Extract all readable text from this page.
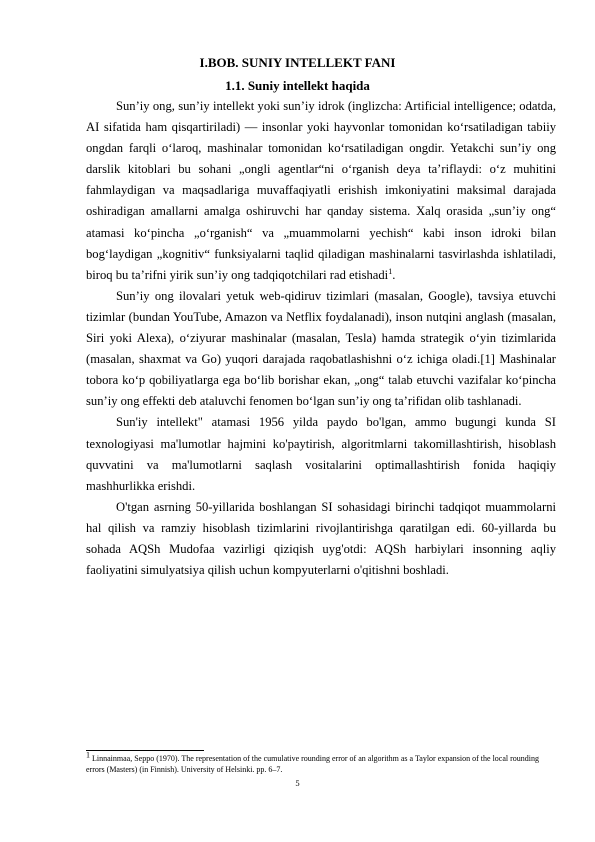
I.BOB. SUNIY INTELLEKT FANI
1.1. Suniy intellekt haqida

Sun’iy ong, sun’iy intellekt yoki sun’iy idrok (inglizcha: Artificial intelligence; odatda, AI sifatida ham qisqartiriladi) — insonlar yoki hayvonlar tomonidan ko‘rsatiladigan tabiiy ongdan farqli o‘laroq, mashinalar tomonidan ko‘rsatiladigan ongdir. Yetakchi sun’iy ong darslik kitoblari bu sohani „ongli agentlar“ni o‘rganish deya ta’riflaydi: o‘z muhitini fahmlaydigan va maqsadlariga muvaffaqiyatli erishish imkoniyatini maksimal darajada oshiradigan amallarni amalga oshiruvchi har qanday sistema. Xalq orasida „sun’iy ong“ atamasi ko‘pincha „o‘rganish“ va „muammolarni yechish“ kabi inson idroki bilan bog‘laydigan „kognitiv“ funksiyalarni taqlid qiladigan mashinalarni tasvirlashda ishlatiladi, biroq bu ta’rifni yirik sun’iy ong tadqiqotchilari rad etishadi$^1$.

Sun’iy ong ilovalari yetuk web-qidiruv tizimlari (masalan, Google), tavsiya etuvchi tizimlar (bundan YouTube, Amazon va Netflix foydalanadi), inson nutqini anglash (masalan, Siri yoki Alexa), o‘ziyurar mashinalar (masalan, Tesla) hamda strategik o‘yin tizimlarida (masalan, shaxmat va Go) yuqori darajada raqobatlashishni o‘z ichiga oladi.[1] Mashinalar tobora ko‘p qobiliyatlarga ega bo‘lib borishar ekan, „ong“ talab etuvchi vazifalar ko‘pincha sun’iy ong effekti deb ataluvchi fenomen bo‘lgan sun’iy ong ta’rifidan olib tashlanadi.

Sun'iy intellekt" atamasi 1956 yilda paydo bo'lgan, ammo bugungi kunda SI texnologiyasi ma'lumotlar hajmini ko'paytirish, algoritmlarni takomillashtirish, hisoblash quvvatini va ma'lumotlarni saqlash vositalarini optimallashtirish fonida haqiqiy mashhurlikka erishdi.

O'tgan asrning 50-yillarida boshlangan SI sohasidagi birinchi tadqiqot muammolarni hal qilish va ramziy hisoblash tizimlarini rivojlantirishga qaratilgan edi. 60-yillarda bu sohada AQSh Mudofaa vazirligi qiziqish uyg'otdi: AQSh harbiylari insonning aqliy faoliyatini simulyatsiya qilish uchun kompyuterlarni o'qitishni boshladi.

$^1$ Linnainmaa, Seppo (1970). The representation of the cumulative rounding error of an algorithm as a Taylor expansion of the local rounding errors (Masters) (in Finnish). University of Helsinki. pp. 6–7.
5
